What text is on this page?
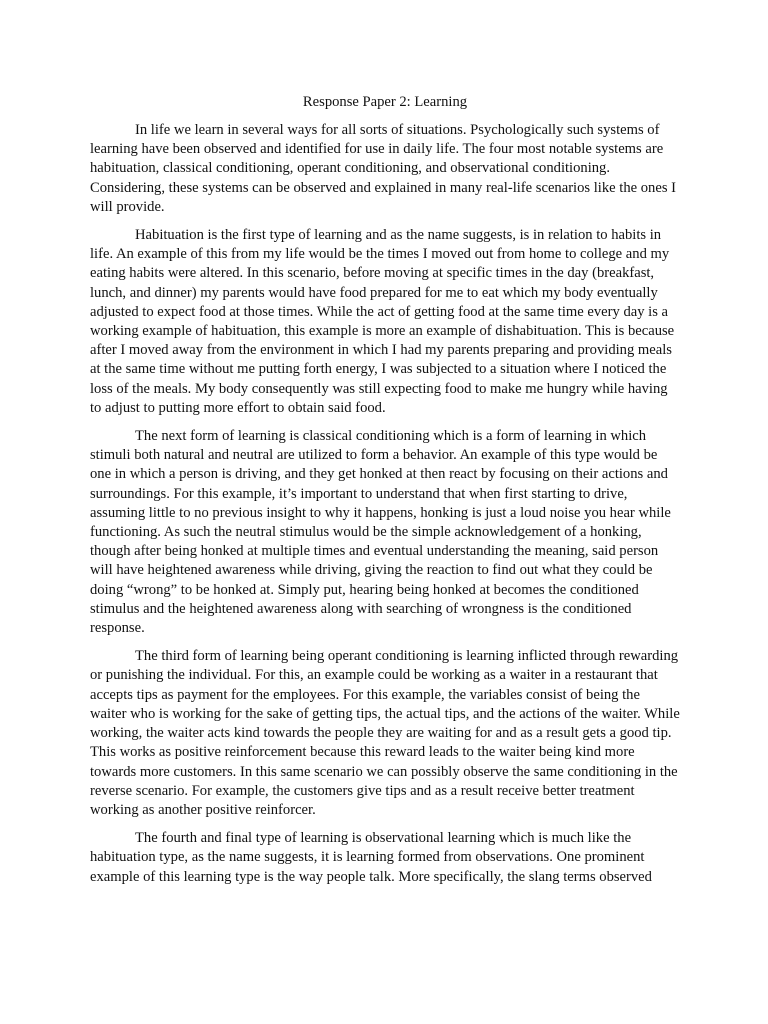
Response Paper 2: Learning

In life we learn in several ways for all sorts of situations. Psychologically such systems of learning have been observed and identified for use in daily life. The four most notable systems are habituation, classical conditioning, operant conditioning, and observational conditioning. Considering, these systems can be observed and explained in many real-life scenarios like the ones I will provide.

Habituation is the first type of learning and as the name suggests, is in relation to habits in life. An example of this from my life would be the times I moved out from home to college and my eating habits were altered. In this scenario, before moving at specific times in the day (breakfast, lunch, and dinner) my parents would have food prepared for me to eat which my body eventually adjusted to expect food at those times. While the act of getting food at the same time every day is a working example of habituation, this example is more an example of dishabituation. This is because after I moved away from the environment in which I had my parents preparing and providing meals at the same time without me putting forth energy, I was subjected to a situation where I noticed the loss of the meals. My body consequently was still expecting food to make me hungry while having to adjust to putting more effort to obtain said food.

The next form of learning is classical conditioning which is a form of learning in which stimuli both natural and neutral are utilized to form a behavior. An example of this type would be one in which a person is driving, and they get honked at then react by focusing on their actions and surroundings. For this example, it’s important to understand that when first starting to drive, assuming little to no previous insight to why it happens, honking is just a loud noise you hear while functioning. As such the neutral stimulus would be the simple acknowledgement of a honking, though after being honked at multiple times and eventual understanding the meaning, said person will have heightened awareness while driving, giving the reaction to find out what they could be doing “wrong” to be honked at. Simply put, hearing being honked at becomes the conditioned stimulus and the heightened awareness along with searching of wrongness is the conditioned response.

The third form of learning being operant conditioning is learning inflicted through rewarding or punishing the individual. For this, an example could be working as a waiter in a restaurant that accepts tips as payment for the employees. For this example, the variables consist of being the waiter who is working for the sake of getting tips, the actual tips, and the actions of the waiter. While working, the waiter acts kind towards the people they are waiting for and as a result gets a good tip. This works as positive reinforcement because this reward leads to the waiter being kind more towards more customers. In this same scenario we can possibly observe the same conditioning in the reverse scenario. For example, the customers give tips and as a result receive better treatment working as another positive reinforcer.

The fourth and final type of learning is observational learning which is much like the habituation type, as the name suggests, it is learning formed from observations. One prominent example of this learning type is the way people talk. More specifically, the slang terms observed
